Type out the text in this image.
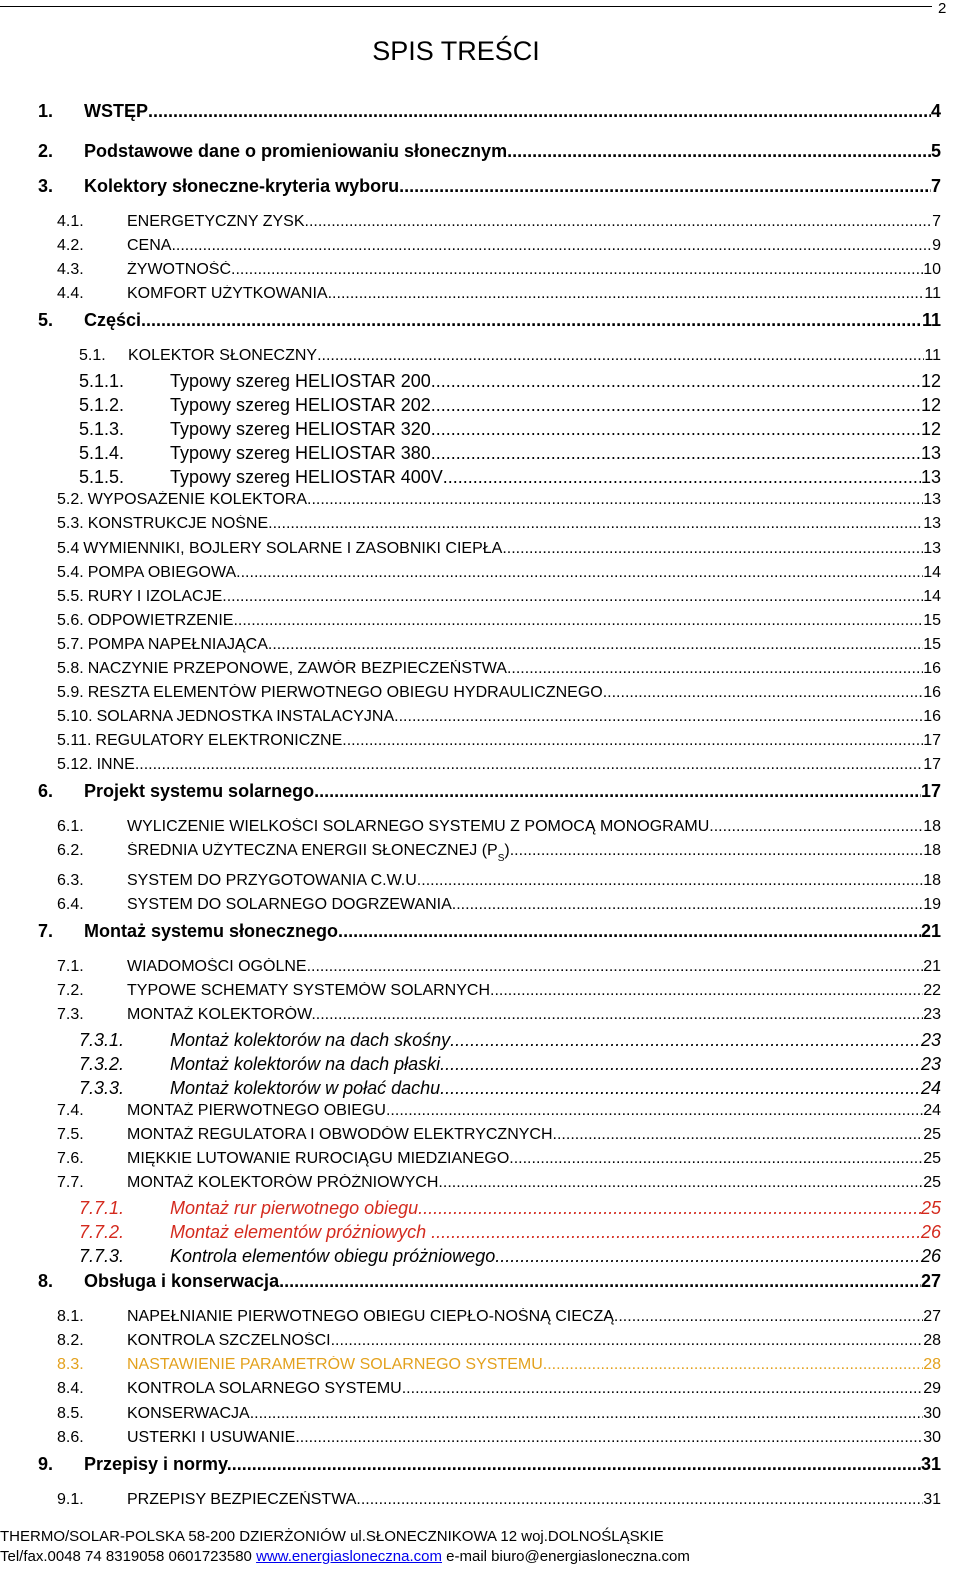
2
SPIS TREŚCI
1. WSTĘP .....	4
2. Podstawowe dane o promieniowaniu słonecznym. .....	5
3. Kolektory słoneczne-kryteria wyboru. .....	7
4.1.	ENERGETYCZNY ZYSK. .....	7
4.2.	CENA .....	9
4.3.	ŻYWOTNOŚĆ. .....	10
4.4.	KOMFORT UŻYTKOWANIA .....	11
5. Części .....	11
5.1. KOLEKTOR SŁONECZNY .....	11
5.1.1.	Typowy szereg HELIOSTAR 200 .....	12
5.1.2.	Typowy szereg HELIOSTAR 202 .....	12
5.1.3.	Typowy szereg HELIOSTAR 320 .....	12
5.1.4.	Typowy szereg HELIOSTAR 380 .....	13
5.1.5.	Typowy szereg HELIOSTAR 400V .....	13
5.2. WYPOSAŻENIE KOLEKTORA .....	13
5.3. KONSTRUKCJE NOŚNE. .....	13
5.4 WYMIENNIKI, BOJLERY SOLARNE I ZASOBNIKI CIEPŁA. .....	13
5.4. POMPA OBIEGOWA .....	14
5.5. RURY I IZOLACJE .....	14
5.6. ODPOWIETRZENIE .....	15
5.7. POMPA NAPEŁNIAJĄCA .....	15
5.8. NACZYNIE PRZEPONOWE, ZAWÓR BEZPIECZEŃSTWA .....	16
5.9. RESZTA ELEMENTÓW PIERWOTNEGO OBIEGU HYDRAULICZNEGO .....	16
5.10. SOLARNA JEDNOSTKA INSTALACYJNA. .....	16
5.11. REGULATORY ELEKTRONICZNE .....	17
5.12. INNE. .....	17
6. Projekt systemu solarnego. .....	17
6.1.	WYLICZENIE WIELKOŚCI SOLARNEGO SYSTEMU Z POMOCĄ MONOGRAMU. .....	18
6.2.	ŚREDNIA UŻYTECZNA ENERGII SŁONECZNEJ $(P_S)$ .....	18
6.3.	SYSTEM DO PRZYGOTOWANIA C.W.U. .....	18
6.4.	SYSTEM DO SOLARNEGO DOGRZEWANIA .....	19
7. Montaż systemu słonecznego. .....	21
7.1.	WIADOMOŚCI OGÓLNE .....	21
7.2.	TYPOWE SCHEMATY SYSTEMÓW SOLARNYCH. .....	22
7.3.	MONTAŻ KOLEKTORÓW. .....	23
7.3.1.	Montaż kolektorów na dach skośny .....	23
7.3.2.	Montaż kolektorów na dach płaski .....	23
7.3.3.	Montaż kolektorów w połać dachu .....	24
7.4.	MONTAŻ PIERWOTNEGO OBIEGU .....	24
7.5.	MONTAŻ REGULATORA I OBWODÓW ELEKTRYCZNYCH .....	25
7.6.	MIĘKKIE LUTOWANIE RUROCIĄGU MIEDZIANEGO .....	25
7.7.	MONTAŻ KOLEKTORÓW PRÓŻNIOWYCH .....	25
7.7.1.	Montaż rur pierwotnego obiegu. .....	25
7.7.2.	Montaż elementów próżniowych . .....	26
7.7.3.	Kontrola elementów obiegu próżniowego .....	26
8. Obsługa i konserwacja. .....	27
8.1.	NAPEŁNIANIE PIERWOTNEGO OBIEGU CIEPŁO-NOŚNĄ CIECZĄ. .....	27
8.2.	KONTROLA SZCZELNOŚCI. .....	28
8.3.	NASTAWIENIE PARAMETRÓW SOLARNEGO SYSTEMU. .....	28
8.4.	KONTROLA SOLARNEGO SYSTEMU. .....	29
8.5.	KONSERWACJA. .....	30
8.6.	USTERKI I USUWANIE. .....	30
9. Przepisy i normy. .....	31
9.1.	PRZEPISY BEZPIECZEŃSTWA. .....	31
THERMO/SOLAR-POLSKA 58-200 DZIERŻONIÓW ul.SŁONECZNIKOWA 12 woj.DOLNOŚLĄSKIE
Tel/fax.0048 74 8319058 0601723580 www.energiasloneczna.com e-mail biuro@energiasloneczna.com
